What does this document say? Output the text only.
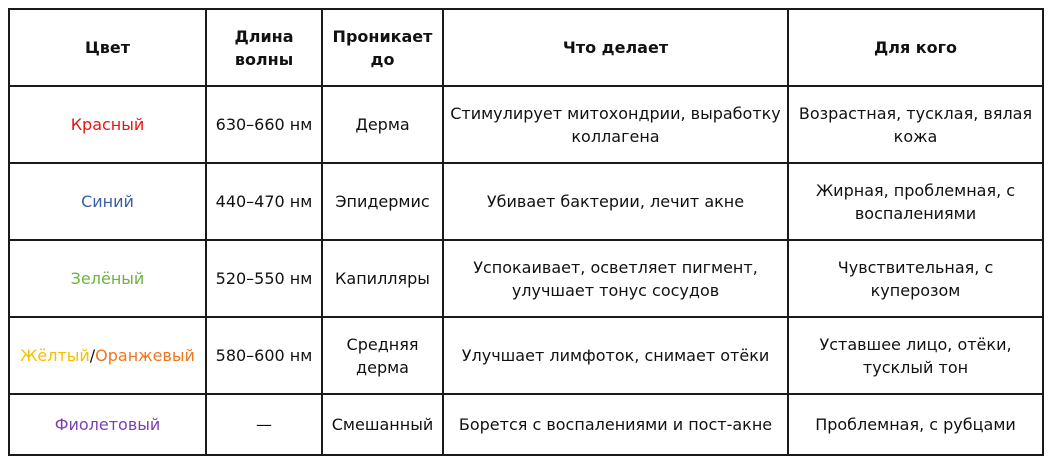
Цвет	Длина волны	Проникает до	Что делает	Для кого
Красный	630–660 нм	Дерма	Стимулирует митохондрии, выработку коллагена	Возрастная, тусклая, вялая кожа
Синий	440–470 нм	Эпидермис	Убивает бактерии, лечит акне	Жирная, проблемная, с воспалениями
Зелёный	520–550 нм	Капилляры	Успокаивает, осветляет пигмент, улучшает тонус сосудов	Чувствительная, с куперозом
Жёлтый/Оранжевый	580–600 нм	Средняя дерма	Улучшает лимфоток, снимает отёки	Уставшее лицо, отёки, тусклый тон
Фиолетовый	—	Смешанный	Борется с воспалениями и пост-акне	Проблемная, с рубцами
